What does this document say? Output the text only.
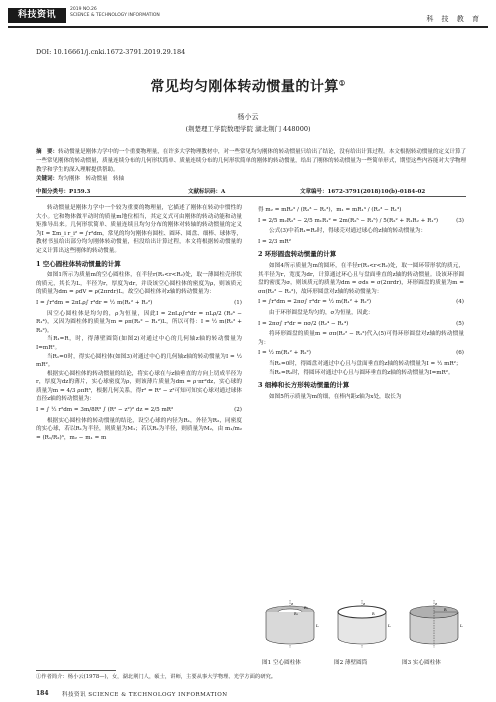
科技资讯
2019 NO.26
SCIENCE & TECHNOLOGY INFORMATION	科 技 教 育
DOI: 10.16661/j.cnki.1672-3791.2019.29.184
常见均匀刚体转动惯量的计算①
杨小云
(荆楚理工学院数理学院 湖北荆门 448000)
摘　要：转动惯量是刚体力学中的一个重要物理量，在许多大学物理教材中，对一些常见均匀刚体的转动惯量只给出了结论，没有给出计算过程。本文根据转动惯量的定义计算了一些常见刚体的转动惯量，质量连续分布的几何形状简单、质量连续分布的几何形状简单的刚体的转动惯量，给出了刚体的转动惯量为一些简单形式，期望这些内容能对大学物理教学和学生的深入理解提供帮助。
关键词：均匀刚体　转动惯量　转轴
中图分类号：P159.3	文献标识码：A	文章编号：1672-3791(2018)10(b)-0184-02

转动惯量是刚体力学中一个较为重要的物理量，它描述了刚体在转动中惯性的大小。它和物体做平动时的质量m地位相当，其定义式可由刚体的转动动能和动量矩推导出来。几何形状简单、质量连续且均匀分布的刚体对转轴的转动惯量的定义为I = Σm_i r_i² = ∫r²dm，常见的均匀刚体有圆柱、圆环、圆盘、细棒、球体等，教材书虽给出部分均匀刚体转动惯量，但没给出计算过程，本文将根据转动惯量的定义计算出这些刚体的转动惯量。

1 空心圆柱体转动惯量的计算

如图1所示为质量m的空心圆柱体，在半径r(R₁<r<R₂)处，取一薄圆柱壳形状的质元，其长为L，半径为r，厚度为dr，并设该空心圆柱体的密度为ρ，则该质元的质量为dm = ρdV = ρ(2πrdr)L。故空心圆柱体对z轴的转动惯量为：

I = ∫r²dm = 2πLρ∫ r³dr = ½ m(R₁² + R₂²)	(1)

因空心圆柱体是均匀的，ρ为恒量，因此I = 2πLρ∫r³dr = πLρ/2 (R₂⁴ − R₁⁴)，又因为圆柱体的质量为m = ρπ(R₂² − R₁²)L，所以可得：I = ½ m(R₁² + R₂²)。

当R₁=R，时，得薄壁圆筒(如图2)对通过中心的几何轴z轴的转动惯量为I=mR²。

当R₁=0时，得实心圆柱体(如图3)对通过中心的几何轴z轴的转动惯量为I = ½ mR²。

根据实心圆柱体的转动惯量的结论，将实心球在与z轴垂直的方向上切成半径为r，厚度为dz的薄片，实心球密度为ρ，则该薄片质量为dm = ρ·πr²dz，实心球的质量为m = 4/3 ρπR³，根据几何关系，得r² = R² − z²可知可知实心球对通过球体直径z轴的转动惯量为：

I = ∫ ½ r²dm = 3m/8R³ ∫ (R² − z²)² dz = 2/5 mR²	(2)

根据实心圆柱体的转动惯量的结论，设空心球的内径为R₁，外径为R₂，同密度的实心球，若以R₁为半径，则质量为M₁；若以R₂为半径，则质量为M₂，由 m₁/m₂ = (R₁/R₂)³，m₂ − m₁ = m

得 m₂ = mR₂³ / (R₂³ − R₁³)，m₁ = mR₁³ / (R₂³ − R₁³)

I = 2/5 m₂R₂² − 2/5 m₁R₁² = 2m(R₂⁵ − R₁⁵) / 5(R₂² + R₁R₂ + R₁²)	(3)

公式(3)中若R₁=R₂时，得球壳对通过球心的z轴的转动惯量为：

I = 2/3 mR²

2 环形圆盘转动惯量的计算

如图4所示质量为m的圆环，在半径r(R₁<r<R₂)处，取一圆环带形状的质元，其半径为r，宽度为dr，计算通过环心且与盘面垂直的z轴的转动惯量。设该环形圆盘的密度为σ，则该质元的质量为dm = σds = σ(2πrdr)，环形圆盘的质量为m = σπ(R₂² − R₁²)，故环形圆盘对z轴的转动惯量为：

I = ∫r²dm = 2πσ∫ r³dr = ½ m(R₁² + R₂²)	(4)

由于环形圆盘是均匀的，σ为恒量，因此：

I = 2πσ∫ r³dr = πσ/2 (R₂⁴ − R₁⁴)	(5)

将环形圆盘的质量m = σπ(R₂² − R₁²)代入(5)可得环形圆盘对z轴的转动惯量为：

I = ½ m(R₁² + R₂²)	(6)

当R₁=0时，得圆盘对通过中心且与盘面垂直的z轴的转动惯量为I = ½ mR²；

当R₁=R₂时，得圆环对通过中心且与圆环垂直的z轴的转动惯量为I=mR²。

3 细棒和长方形转动惯量的计算

如图5所示质量为m的细，在棒内距z轴为x处，取长为

z
R₁
R₂
L
z
R
L
z
R
L
图1 空心圆柱体	图2 薄壁圆筒	图3 实心圆柱体
①作者简介：杨小云(1978—)，女，湖北荆门人，硕士，讲师，主要从事大学物理、光学方面的研究。
184 科技资讯 SCIENCE & TECHNOLOGY INFORMATION
